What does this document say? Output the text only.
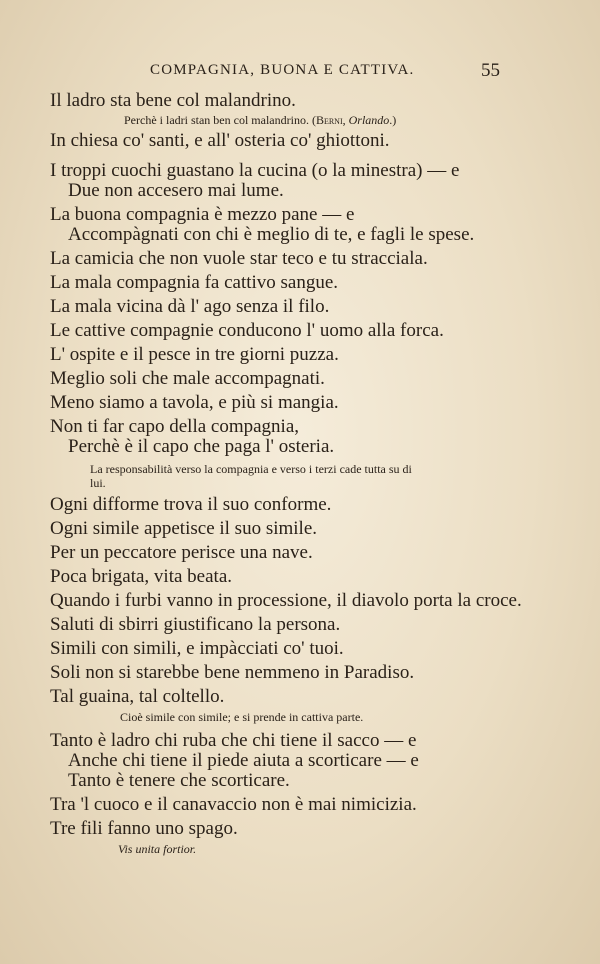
COMPAGNIA, BUONA E CATTIVA.	55
Il ladro sta bene col malandrino.
Perchè i ladri stan ben col malandrino. (Berni, Orlando.)
In chiesa co' santi, e all' osteria co' ghiottoni.
I troppi cuochi guastano la cucina (o la minestra) — e
Due non accesero mai lume.
La buona compagnia è mezzo pane — e
Accompàgnati con chi è meglio di te, e fagli le spese.
La camicia che non vuole star teco e tu stracciala.
La mala compagnia fa cattivo sangue.
La mala vicina dà l' ago senza il filo.
Le cattive compagnie conducono l' uomo alla forca.
L' ospite e il pesce in tre giorni puzza.
Meglio soli che male accompagnati.
Meno siamo a tavola, e più si mangia.
Non ti far capo della compagnia,
Perchè è il capo che paga l' osteria.
La responsabilità verso la compagnia e verso i terzi cade tutta su di
lui.
Ogni difforme trova il suo conforme.
Ogni simile appetisce il suo simile.
Per un peccatore perisce una nave.
Poca brigata, vita beata.
Quando i furbi vanno in processione, il diavolo porta la croce.
Saluti di sbirri giustificano la persona.
Simili con simili, e impàcciati co' tuoi.
Soli non si starebbe bene nemmeno in Paradiso.
Tal guaina, tal coltello.
Cioè simile con simile; e si prende in cattiva parte.
Tanto è ladro chi ruba che chi tiene il sacco — e
Anche chi tiene il piede aiuta a scorticare — e
Tanto è tenere che scorticare.
Tra 'l cuoco e il canavaccio non è mai nimicizia.
Tre fili fanno uno spago.
Vis unita fortior.
